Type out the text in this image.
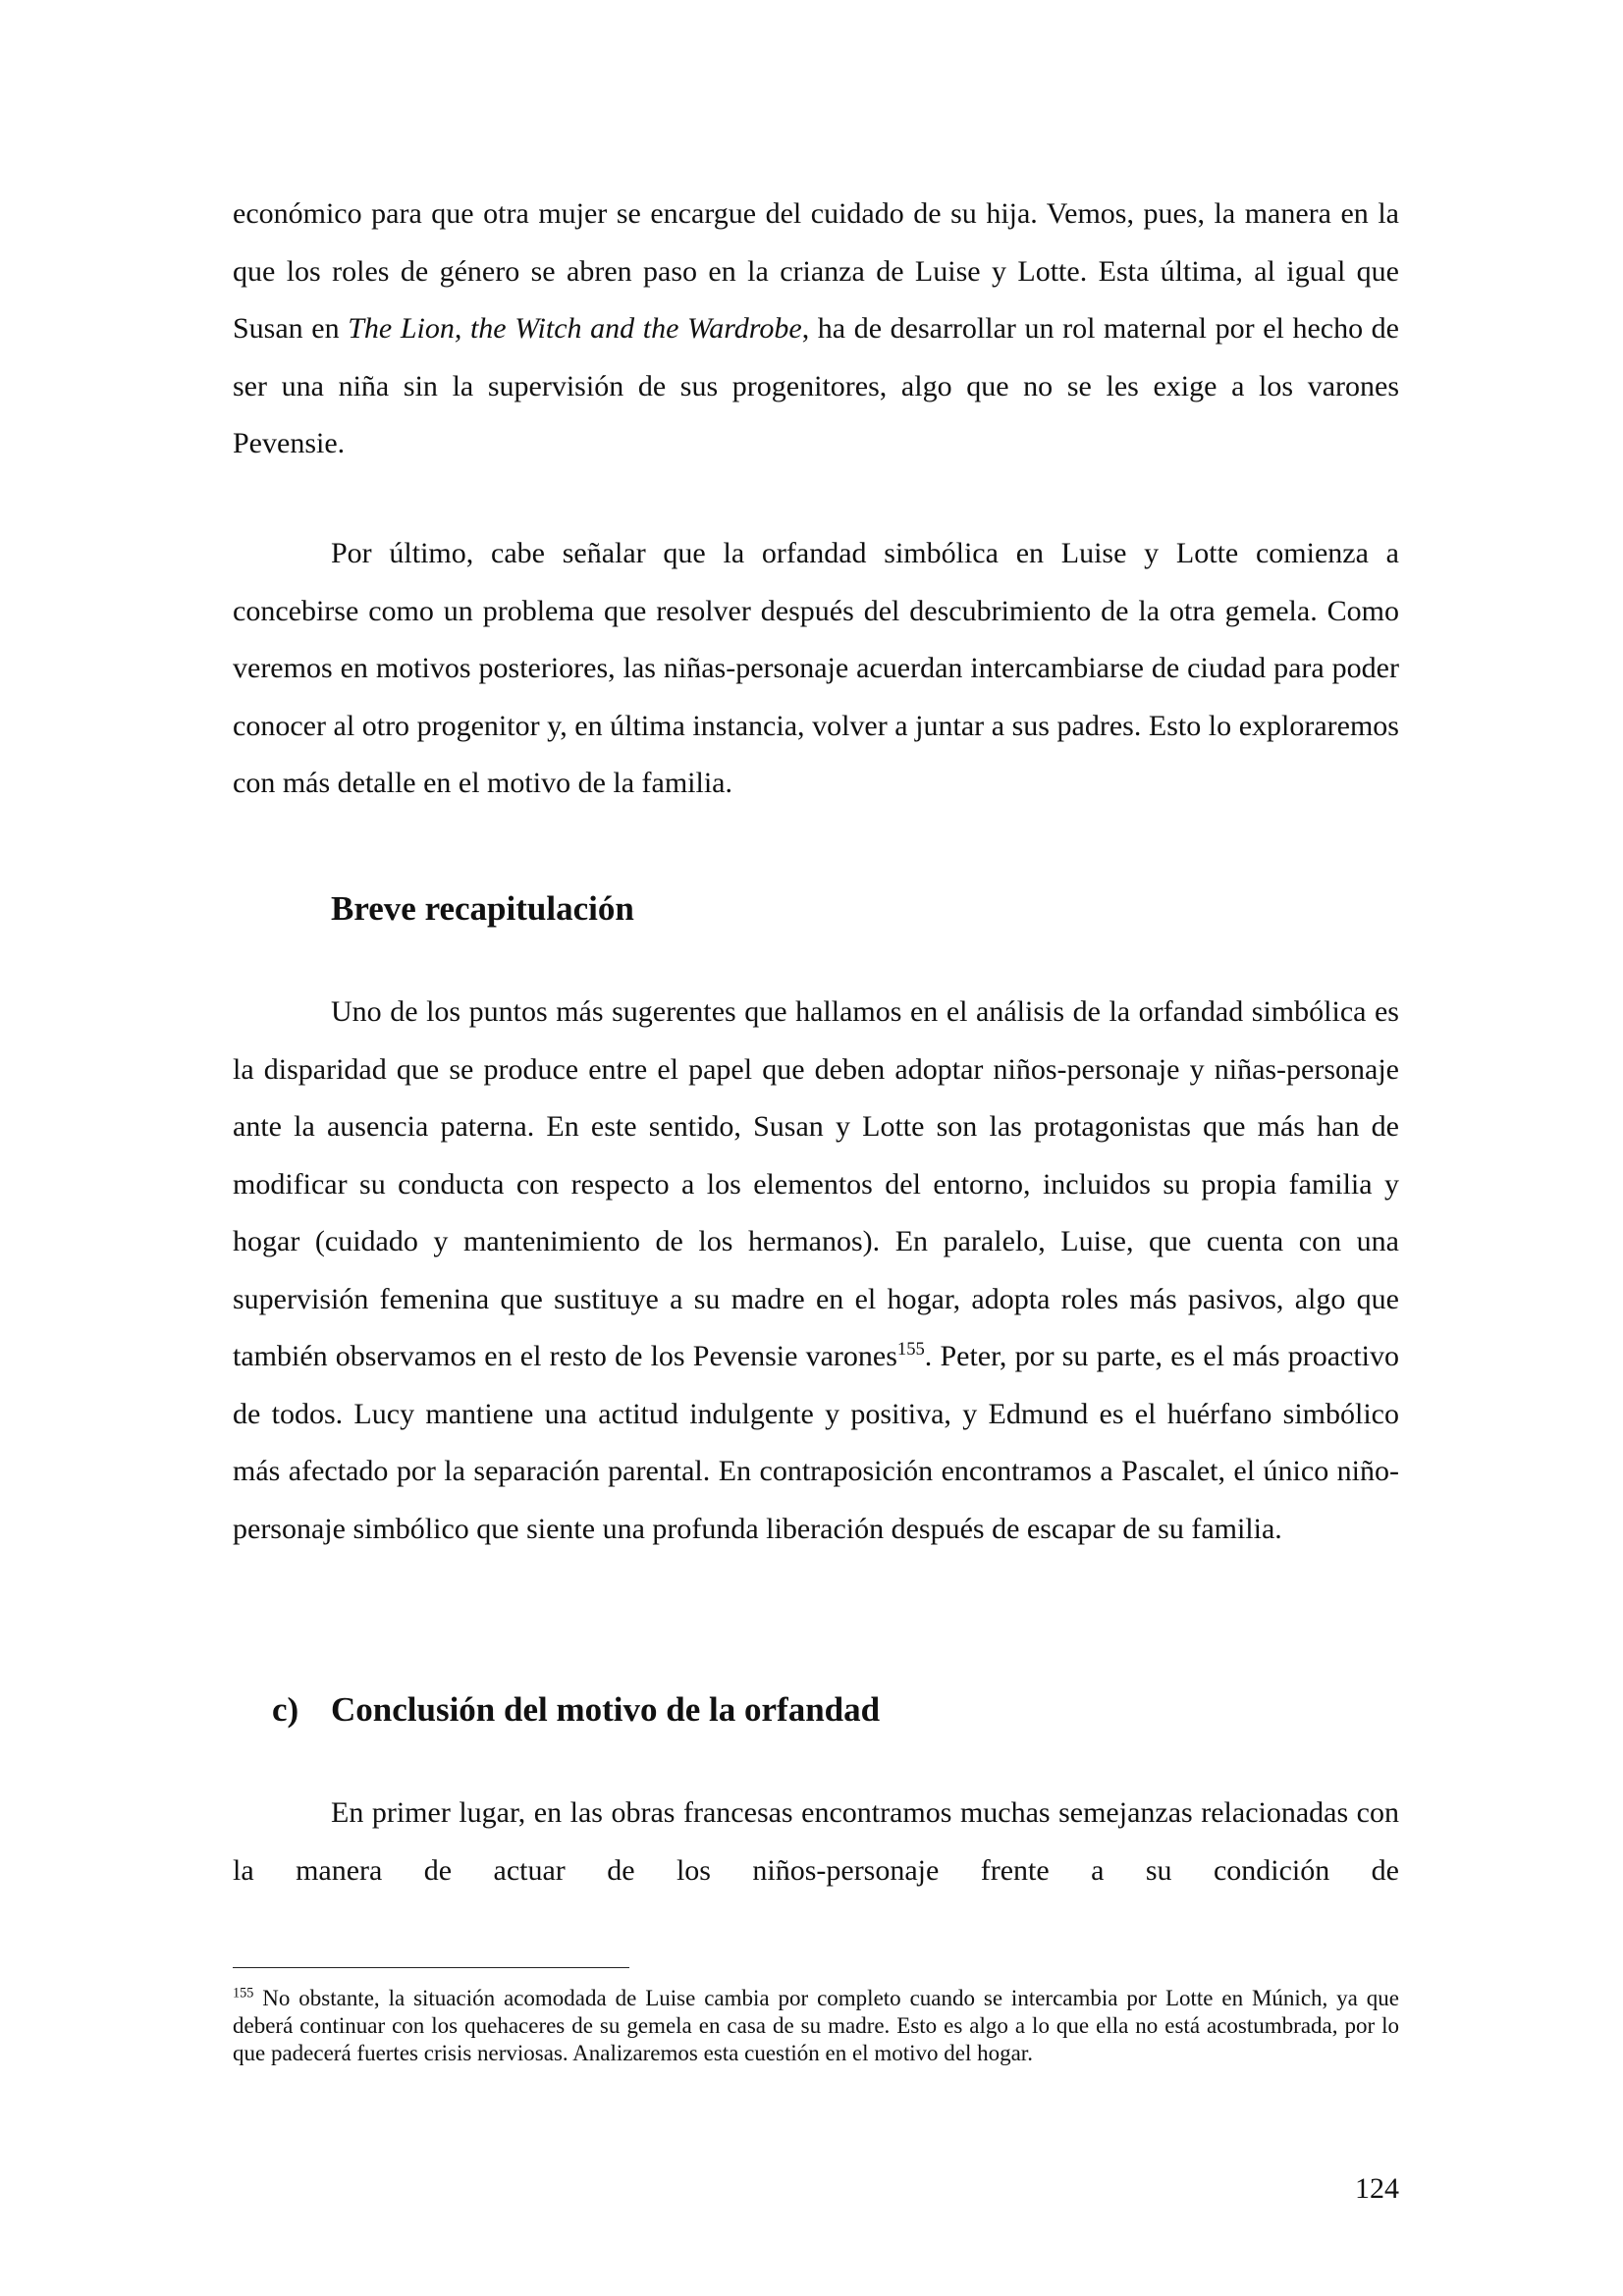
económico para que otra mujer se encargue del cuidado de su hija. Vemos, pues, la manera en la que los roles de género se abren paso en la crianza de Luise y Lotte. Esta última, al igual que Susan en The Lion, the Witch and the Wardrobe, ha de desarrollar un rol maternal por el hecho de ser una niña sin la supervisión de sus progenitores, algo que no se les exige a los varones Pevensie.

Por último, cabe señalar que la orfandad simbólica en Luise y Lotte comienza a concebirse como un problema que resolver después del descubrimiento de la otra gemela. Como veremos en motivos posteriores, las niñas-personaje acuerdan intercambiarse de ciudad para poder conocer al otro progenitor y, en última instancia, volver a juntar a sus padres. Esto lo exploraremos con más detalle en el motivo de la familia.

Breve recapitulación

Uno de los puntos más sugerentes que hallamos en el análisis de la orfandad simbólica es la disparidad que se produce entre el papel que deben adoptar niños-personaje y niñas-personaje ante la ausencia paterna. En este sentido, Susan y Lotte son las protagonistas que más han de modificar su conducta con respecto a los elementos del entorno, incluidos su propia familia y hogar (cuidado y mantenimiento de los hermanos). En paralelo, Luise, que cuenta con una supervisión femenina que sustituye a su madre en el hogar, adopta roles más pasivos, algo que también observamos en el resto de los Pevensie varones$^{155}$. Peter, por su parte, es el más proactivo de todos. Lucy mantiene una actitud indulgente y positiva, y Edmund es el huérfano simbólico más afectado por la separación parental. En contraposición encontramos a Pascalet, el único niño-personaje simbólico que siente una profunda liberación después de escapar de su familia.

c) Conclusión del motivo de la orfandad

En primer lugar, en las obras francesas encontramos muchas semejanzas relacionadas con la manera de actuar de los niños-personaje frente a su condición de

$^{155}$ No obstante, la situación acomodada de Luise cambia por completo cuando se intercambia por Lotte en Múnich, ya que deberá continuar con los quehaceres de su gemela en casa de su madre. Esto es algo a lo que ella no está acostumbrada, por lo que padecerá fuertes crisis nerviosas. Analizaremos esta cuestión en el motivo del hogar.

124
